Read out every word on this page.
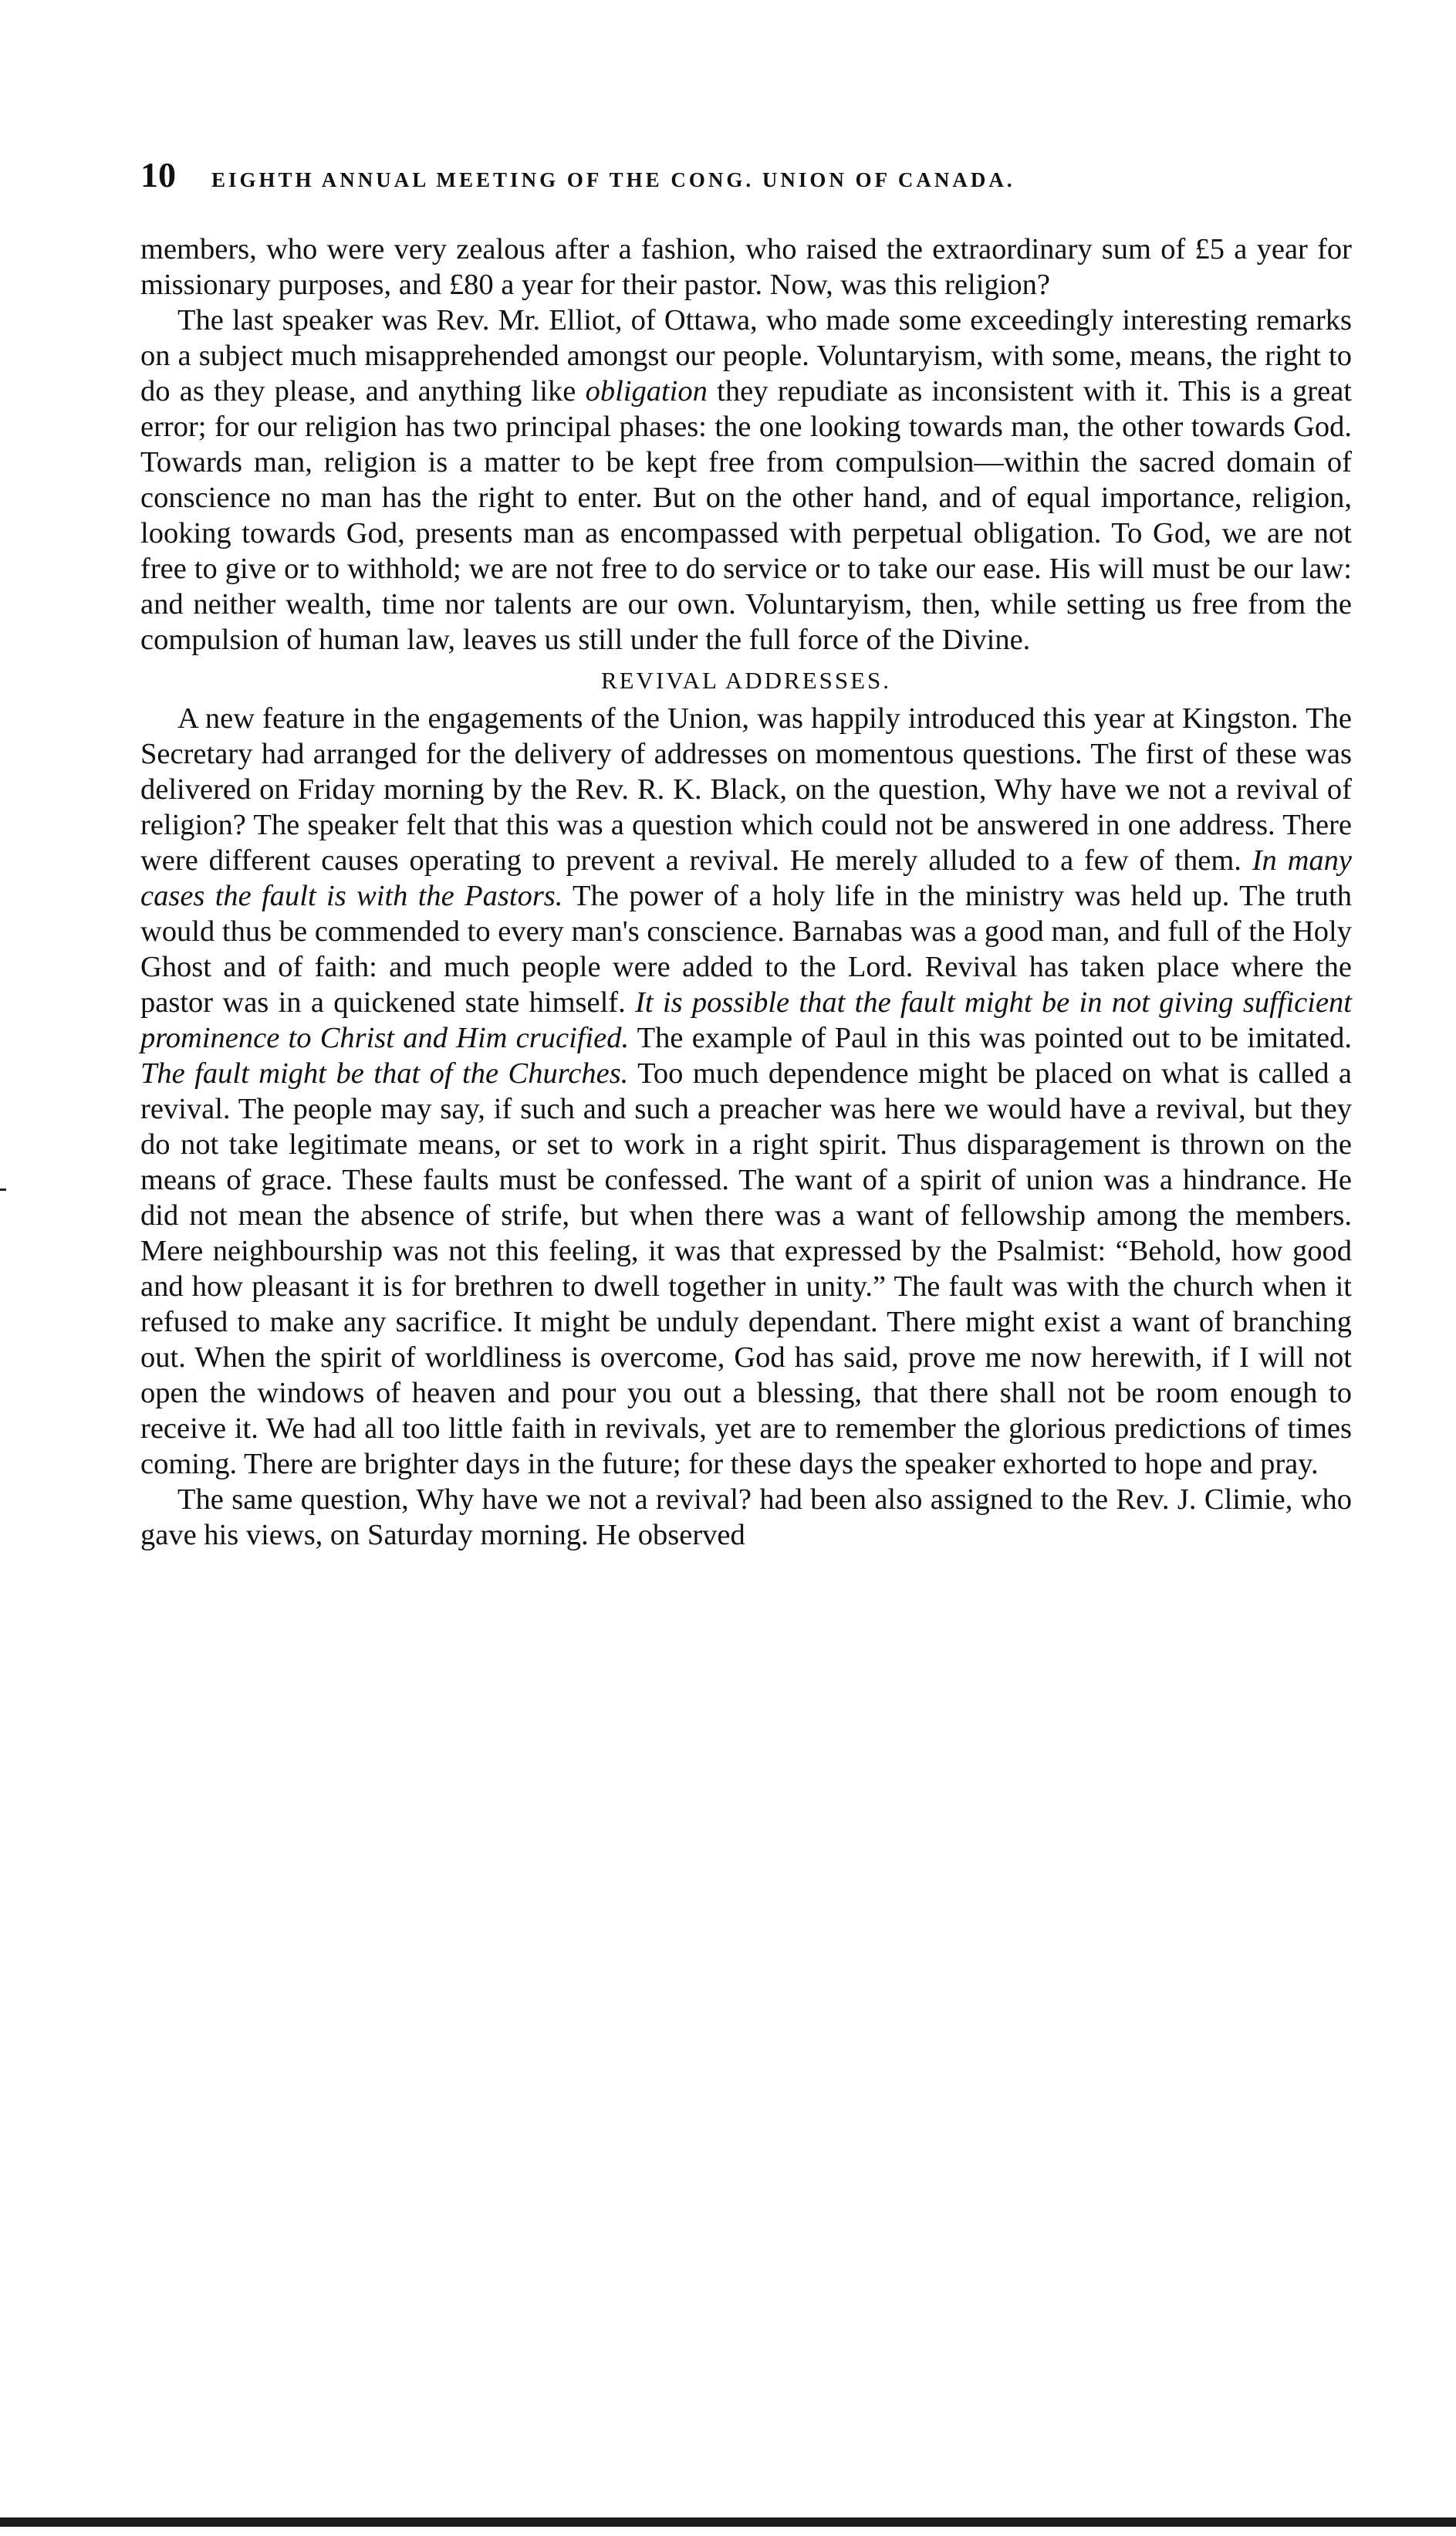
10 EIGHTH ANNUAL MEETING OF THE CONG. UNION OF CANADA.

members, who were very zealous after a fashion, who raised the extraordinary sum of £5 a year for missionary purposes, and £80 a year for their pastor. Now, was this religion?

The last speaker was Rev. Mr. Elliot, of Ottawa, who made some exceedingly interesting remarks on a subject much misapprehended amongst our people. Voluntaryism, with some, means, the right to do as they please, and anything like obligation they repudiate as inconsistent with it. This is a great error; for our religion has two principal phases: the one looking towards man, the other towards God. Towards man, religion is a matter to be kept free from compulsion—within the sacred domain of conscience no man has the right to enter. But on the other hand, and of equal importance, religion, looking towards God, presents man as encompassed with perpetual obligation. To God, we are not free to give or to withhold; we are not free to do service or to take our ease. His will must be our law: and neither wealth, time nor talents are our own. Voluntaryism, then, while setting us free from the compulsion of human law, leaves us still under the full force of the Divine.

REVIVAL ADDRESSES.

A new feature in the engagements of the Union, was happily introduced this year at Kingston. The Secretary had arranged for the delivery of addresses on momentous questions. The first of these was delivered on Friday morning by the Rev. R. K. Black, on the question, Why have we not a revival of religion? The speaker felt that this was a question which could not be answered in one address. There were different causes operating to prevent a revival. He merely alluded to a few of them. In many cases the fault is with the Pastors. The power of a holy life in the ministry was held up. The truth would thus be commended to every man's conscience. Barnabas was a good man, and full of the Holy Ghost and of faith: and much people were added to the Lord. Revival has taken place where the pastor was in a quickened state himself. It is possible that the fault might be in not giving sufficient prominence to Christ and Him crucified. The example of Paul in this was pointed out to be imitated. The fault might be that of the Churches. Too much dependence might be placed on what is called a revival. The people may say, if such and such a preacher was here we would have a revival, but they do not take legitimate means, or set to work in a right spirit. Thus disparagement is thrown on the means of grace. These faults must be confessed. The want of a spirit of union was a hindrance. He did not mean the absence of strife, but when there was a want of fellowship among the members. Mere neighbourship was not this feeling, it was that expressed by the Psalmist: “Behold, how good and how pleasant it is for brethren to dwell together in unity.” The fault was with the church when it refused to make any sacrifice. It might be unduly dependant. There might exist a want of branching out. When the spirit of worldliness is overcome, God has said, prove me now herewith, if I will not open the windows of heaven and pour you out a blessing, that there shall not be room enough to receive it. We had all too little faith in revivals, yet are to remember the glorious predictions of times coming. There are brighter days in the future; for these days the speaker exhorted to hope and pray.

The same question, Why have we not a revival? had been also assigned to the Rev. J. Climie, who gave his views, on Saturday morning. He observed
